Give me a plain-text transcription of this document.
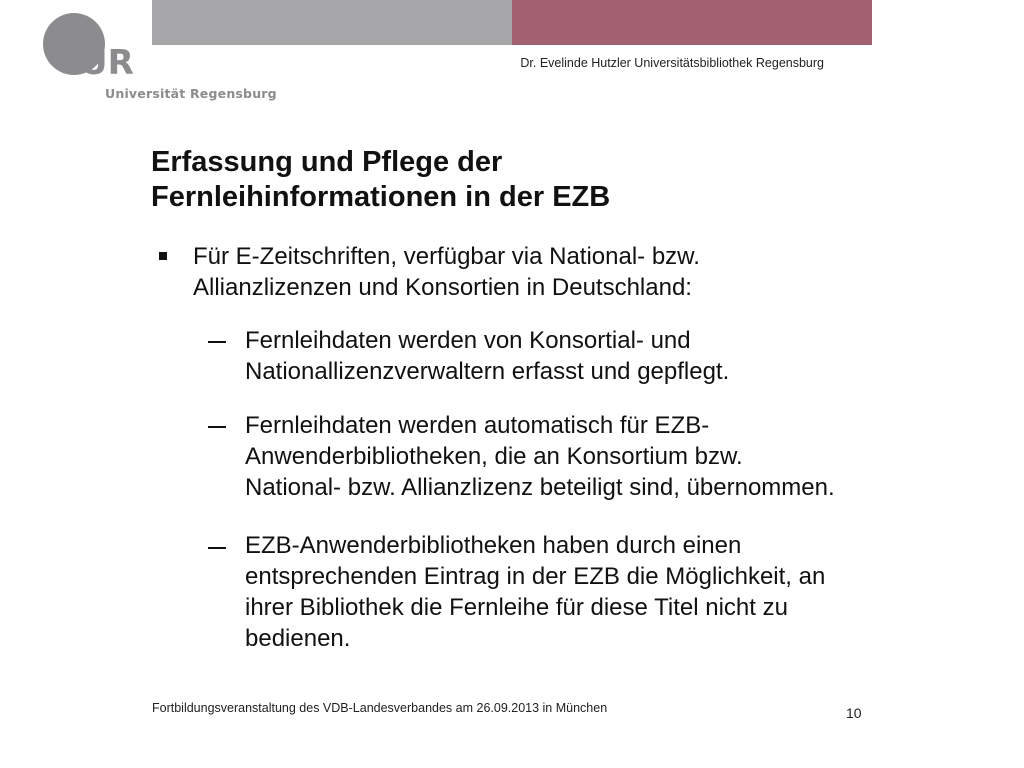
UR
Universität Regensburg
Dr. Evelinde Hutzler Universitätsbibliothek Regensburg
Erfassung und Pflege der
Fernleihinformationen in der EZB
Für E-Zeitschriften, verfügbar via National- bzw.
Allianzlizenzen und Konsortien in Deutschland:
Fernleihdaten werden von Konsortial- und
Nationallizenzverwaltern erfasst und gepflegt.
Fernleihdaten werden automatisch für EZB-
Anwenderbibliotheken, die an Konsortium bzw.
National- bzw. Allianzlizenz beteiligt sind, übernommen.
EZB-Anwenderbibliotheken haben durch einen
entsprechenden Eintrag in der EZB die Möglichkeit, an
ihrer Bibliothek die Fernleihe für diese Titel nicht zu
bedienen.
Fortbildungsveranstaltung des VDB-Landesverbandes am 26.09.2013 in München	10
